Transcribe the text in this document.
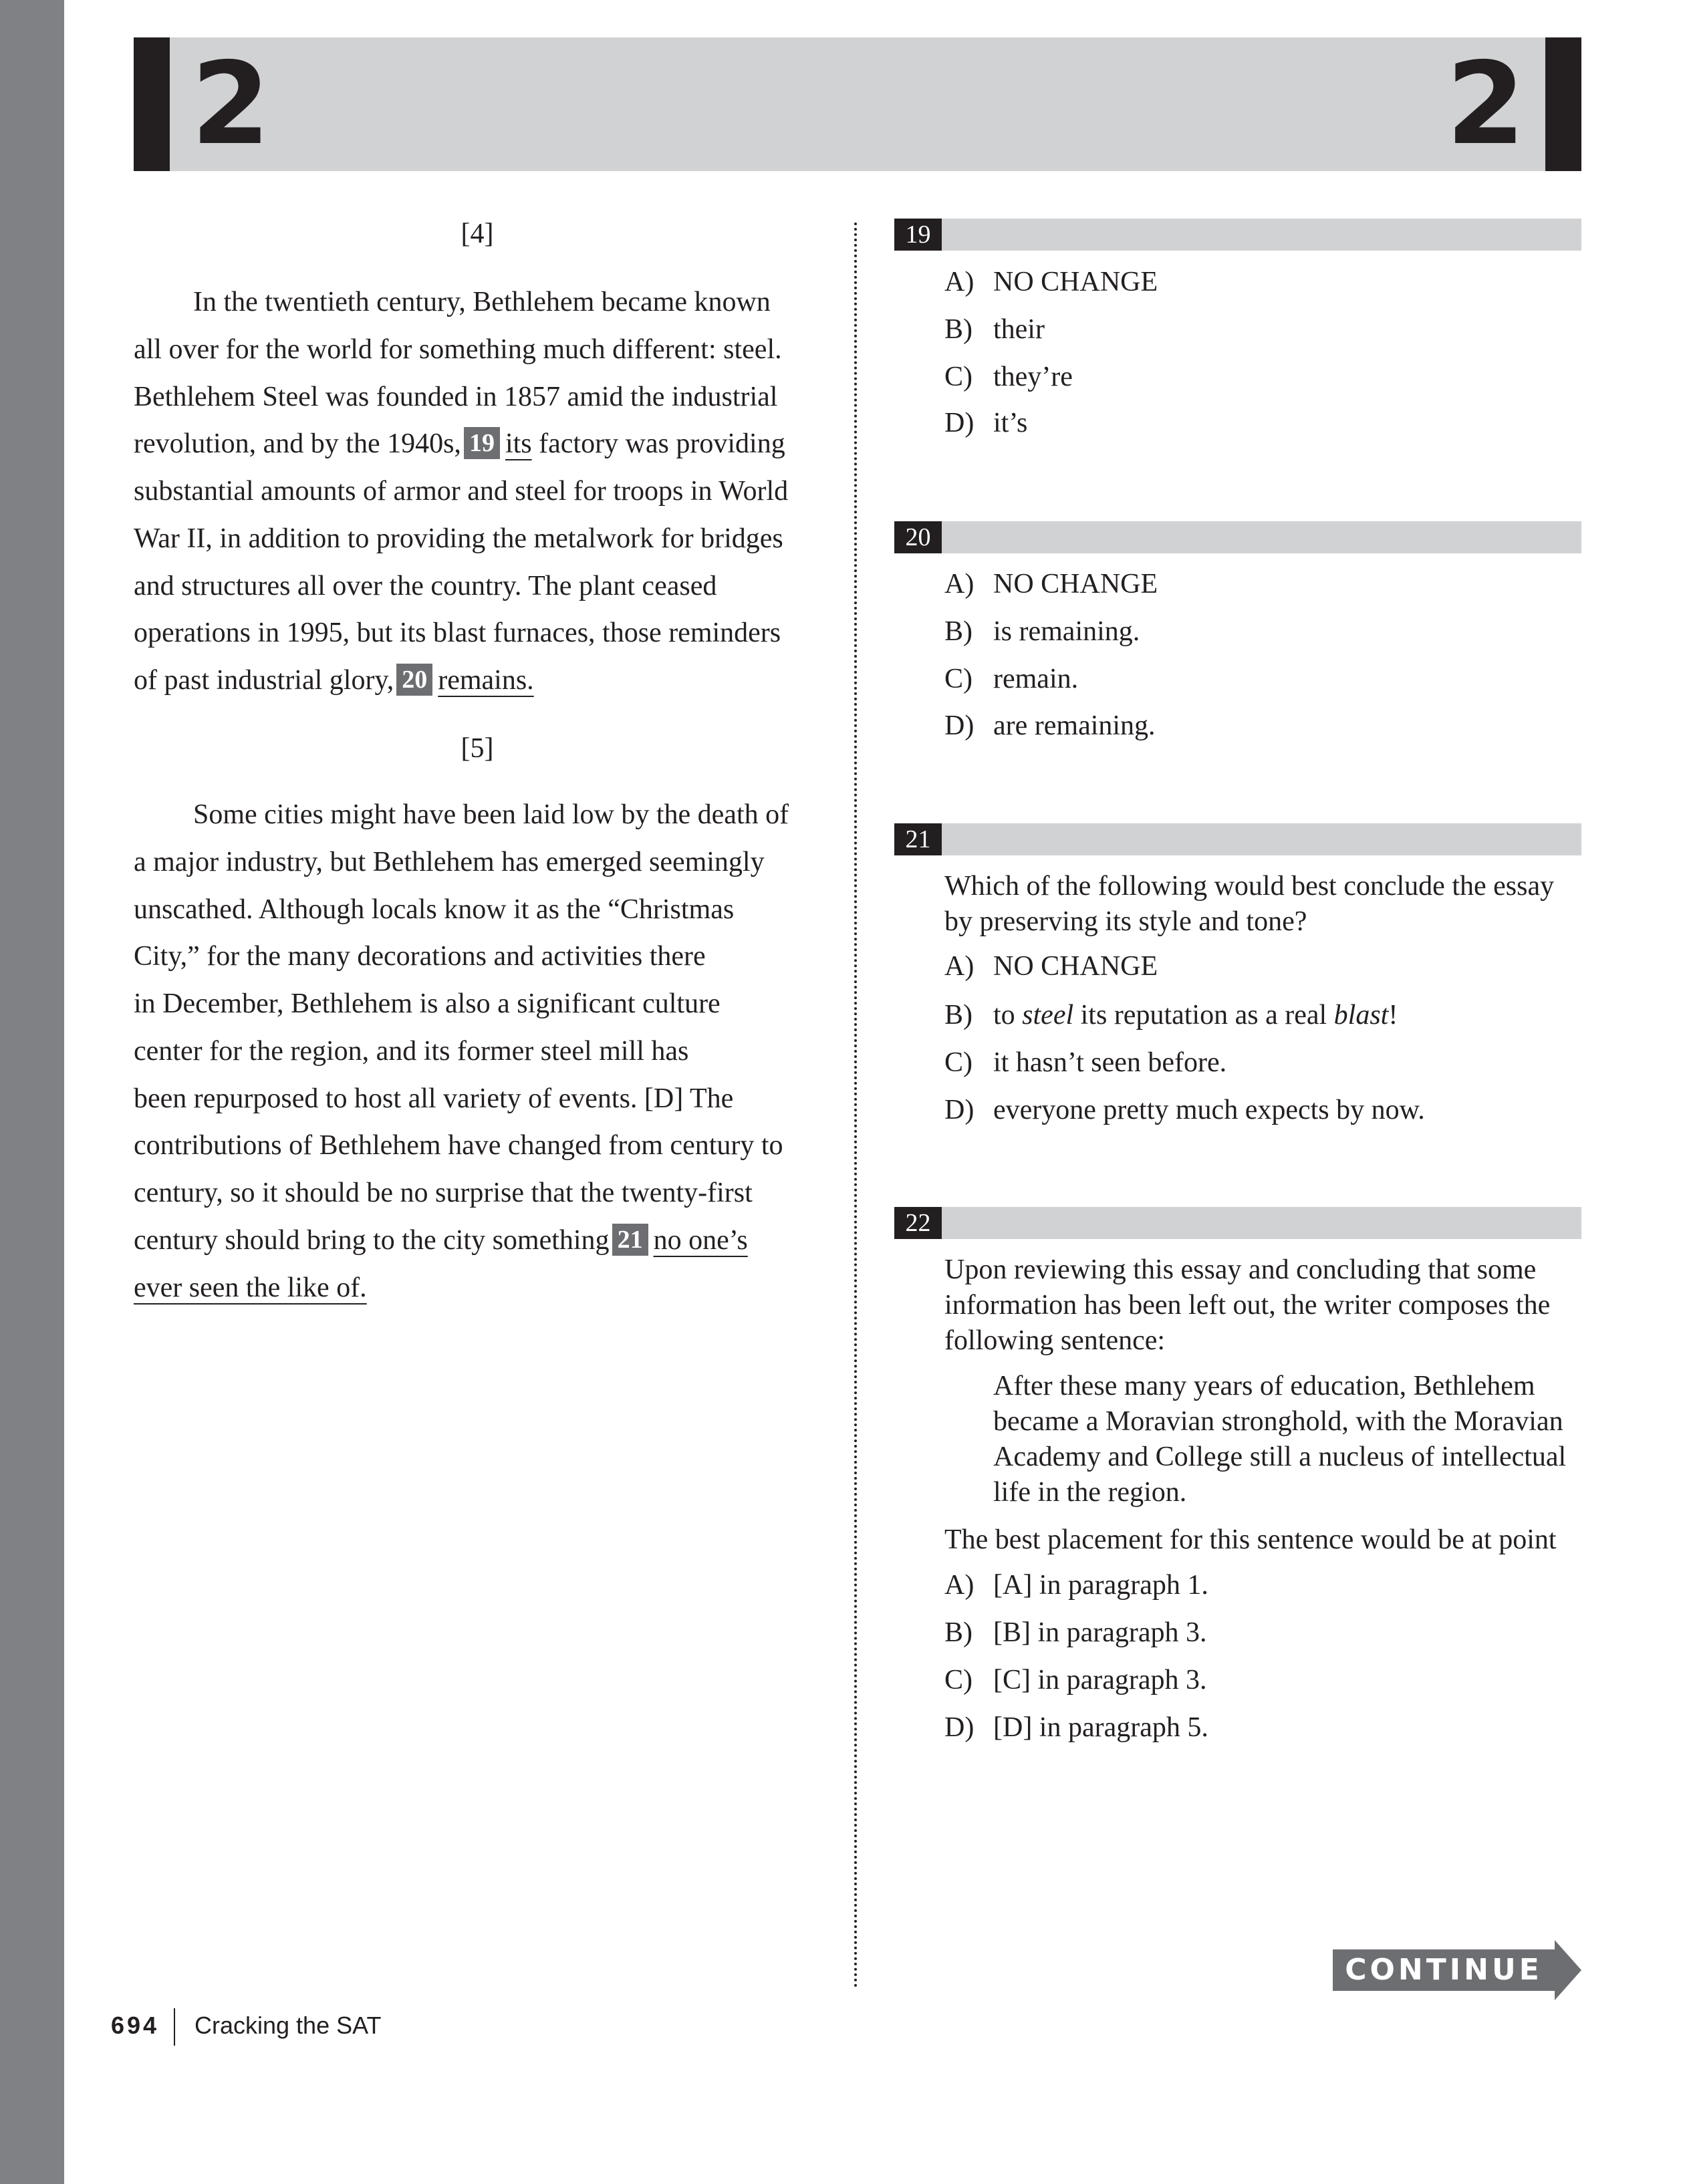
2	2
[4]
In the twentieth century, Bethlehem became known
all over for the world for something much different: steel.
Bethlehem Steel was founded in 1857 amid the industrial
revolution, and by the 1940s, 19 its factory was providing
substantial amounts of armor and steel for troops in World
War II, in addition to providing the metalwork for bridges
and structures all over the country. The plant ceased
operations in 1995, but its blast furnaces, those reminders
of past industrial glory, 20 remains.
[5]
Some cities might have been laid low by the death of
a major industry, but Bethlehem has emerged seemingly
unscathed. Although locals know it as the “Christmas
City,” for the many decorations and activities there
in December, Bethlehem is also a significant culture
center for the region, and its former steel mill has
been repurposed to host all variety of events. [D] The
contributions of Bethlehem have changed from century to
century, so it should be no surprise that the twenty-first
century should bring to the city something 21 no one’s
ever seen the like of.
19
A) NO CHANGE
B) their
C) they’re
D) it’s
20
A) NO CHANGE
B) is remaining.
C) remain.
D) are remaining.
21
Which of the following would best conclude the essay by preserving its style and tone?
A) NO CHANGE
B) to steel its reputation as a real blast!
C) it hasn’t seen before.
D) everyone pretty much expects by now.
22
Upon reviewing this essay and concluding that some information has been left out, the writer composes the following sentence:
After these many years of education, Bethlehem became a Moravian stronghold, with the Moravian Academy and College still a nucleus of intellectual life in the region.
The best placement for this sentence would be at point
A) [A] in paragraph 1.
B) [B] in paragraph 3.
C) [C] in paragraph 3.
D) [D] in paragraph 5.
CONTINUE
694 Cracking the SAT
